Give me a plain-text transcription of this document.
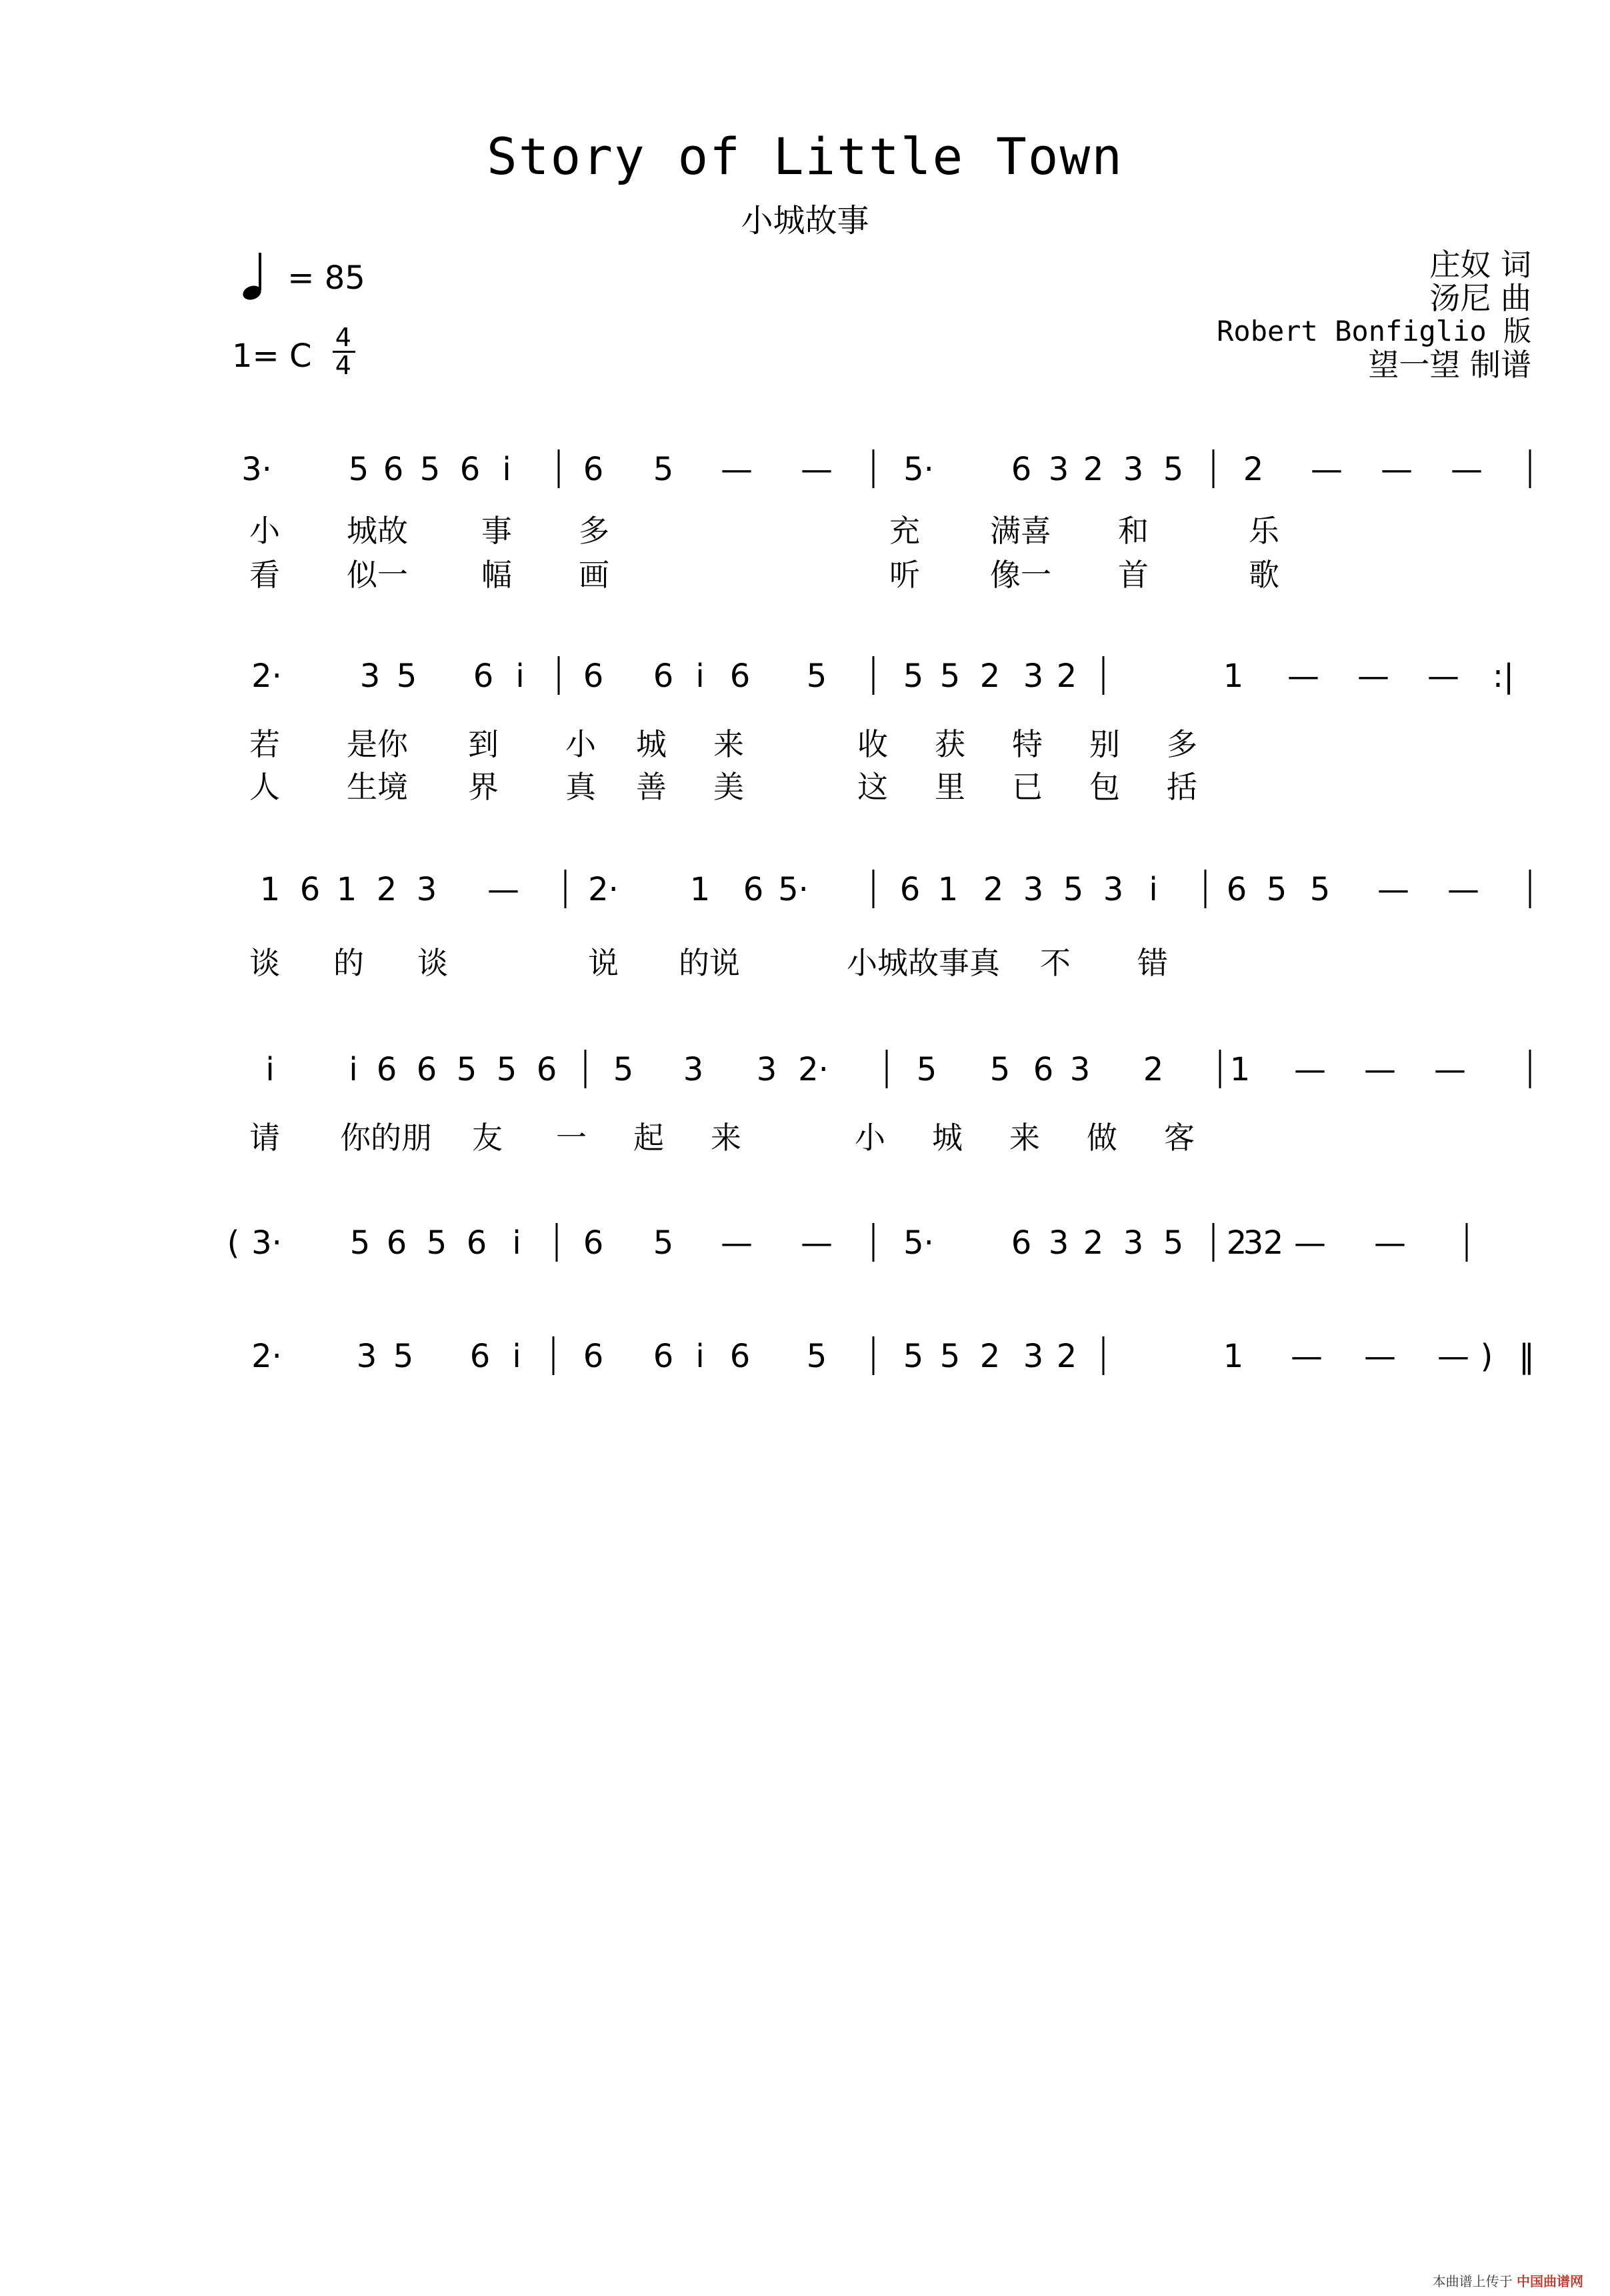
Story of Little Town
小城故事
= 85
1= C $\frac{4}{4}$
庄奴 词
汤尼 曲
Robert Bonfiglio 版
望一望 制谱
3· 5 6 5 6 i 6 5 — — 5· 6 3 2 3 5 2 — — —
小 城故 事 多	充 满喜 和	乐
看 似一 幅 画	听 像一 首	歌
2· 3 5 6 i 6 6 i 6 5 5 5 2 3 2	1 — — — :|
若 是你 到 小 城 来	收 获 特 别 多
人 生境 界 真 善 美	这 里 已 包 括
1 6 1 2 3 — 2· 1 6 5·	6 1 2 3 5 3 i 6 5 5 — —
谈 的 谈	说 的说	小城故事真 不 错
i i 6 6 5 5 6 5 3 3 2·	5 5 6 3 2 1 — — —
请 你的朋 友 一 起 来	小 城 来 做 客
( 3· 5 6 5 6 i 6 5 — — 5· 6 3 2 3 5 3
2 2 — —
2· 3 5 6 i 6 6 i 6 5 5 5 2 3 2	1 — — — ) ‖
本曲谱上传于 中国曲谱网
